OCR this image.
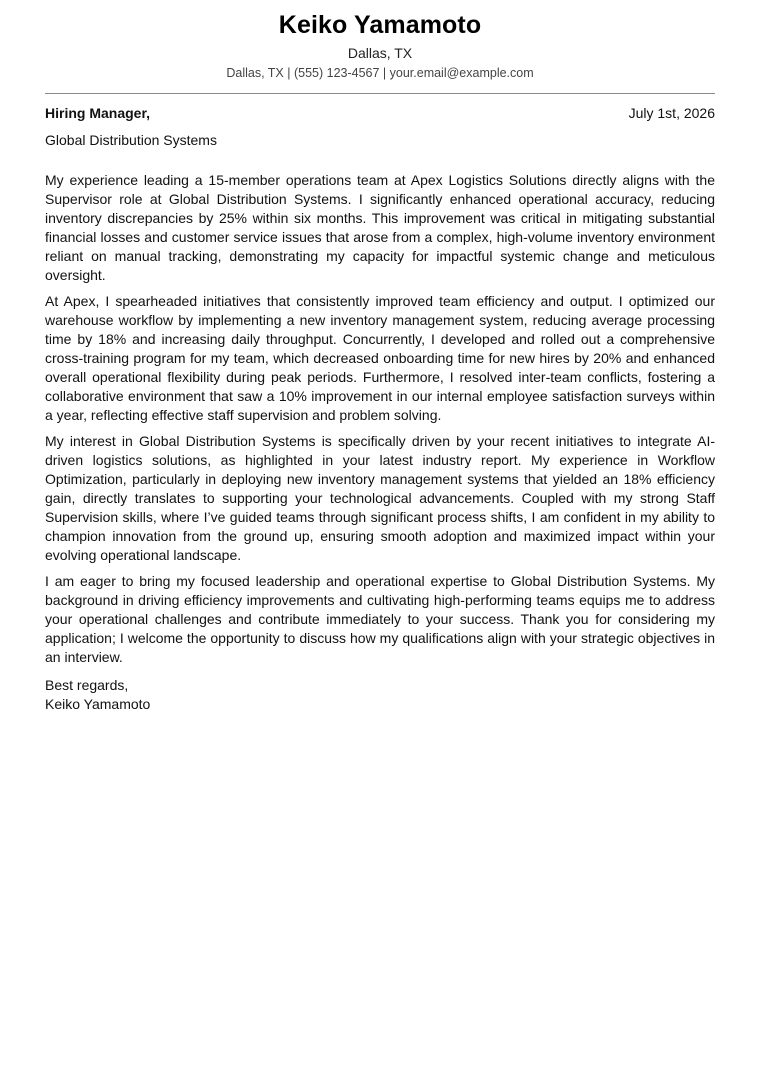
Keiko Yamamoto
Dallas, TX
Dallas, TX | (555) 123-4567 | your.email@example.com
Hiring Manager,	July 1st, 2026
Global Distribution Systems

My experience leading a 15-member operations team at Apex Logistics Solutions directly aligns with the Supervisor role at Global Distribution Systems. I significantly enhanced operational accuracy, reducing inventory discrepancies by 25% within six months. This improvement was critical in mitigating substantial financial losses and customer service issues that arose from a complex, high-volume inventory environment reliant on manual tracking, demonstrating my capacity for impactful systemic change and meticulous oversight.

At Apex, I spearheaded initiatives that consistently improved team efficiency and output. I optimized our warehouse workflow by implementing a new inventory management system, reducing average processing time by 18% and increasing daily throughput. Concurrently, I developed and rolled out a comprehensive cross-training program for my team, which decreased onboarding time for new hires by 20% and enhanced overall operational flexibility during peak periods. Furthermore, I resolved inter-team conflicts, fostering a collaborative environment that saw a 10% improvement in our internal employee satisfaction surveys within a year, reflecting effective staff supervision and problem solving.

My interest in Global Distribution Systems is specifically driven by your recent initiatives to integrate AI-driven logistics solutions, as highlighted in your latest industry report. My experience in Workflow Optimization, particularly in deploying new inventory management systems that yielded an 18% efficiency gain, directly translates to supporting your technological advancements. Coupled with my strong Staff Supervision skills, where I’ve guided teams through significant process shifts, I am confident in my ability to champion innovation from the ground up, ensuring smooth adoption and maximized impact within your evolving operational landscape.

I am eager to bring my focused leadership and operational expertise to Global Distribution Systems. My background in driving efficiency improvements and cultivating high-performing teams equips me to address your operational challenges and contribute immediately to your success. Thank you for considering my application; I welcome the opportunity to discuss how my qualifications align with your strategic objectives in an interview.

Best regards,
Keiko Yamamoto
